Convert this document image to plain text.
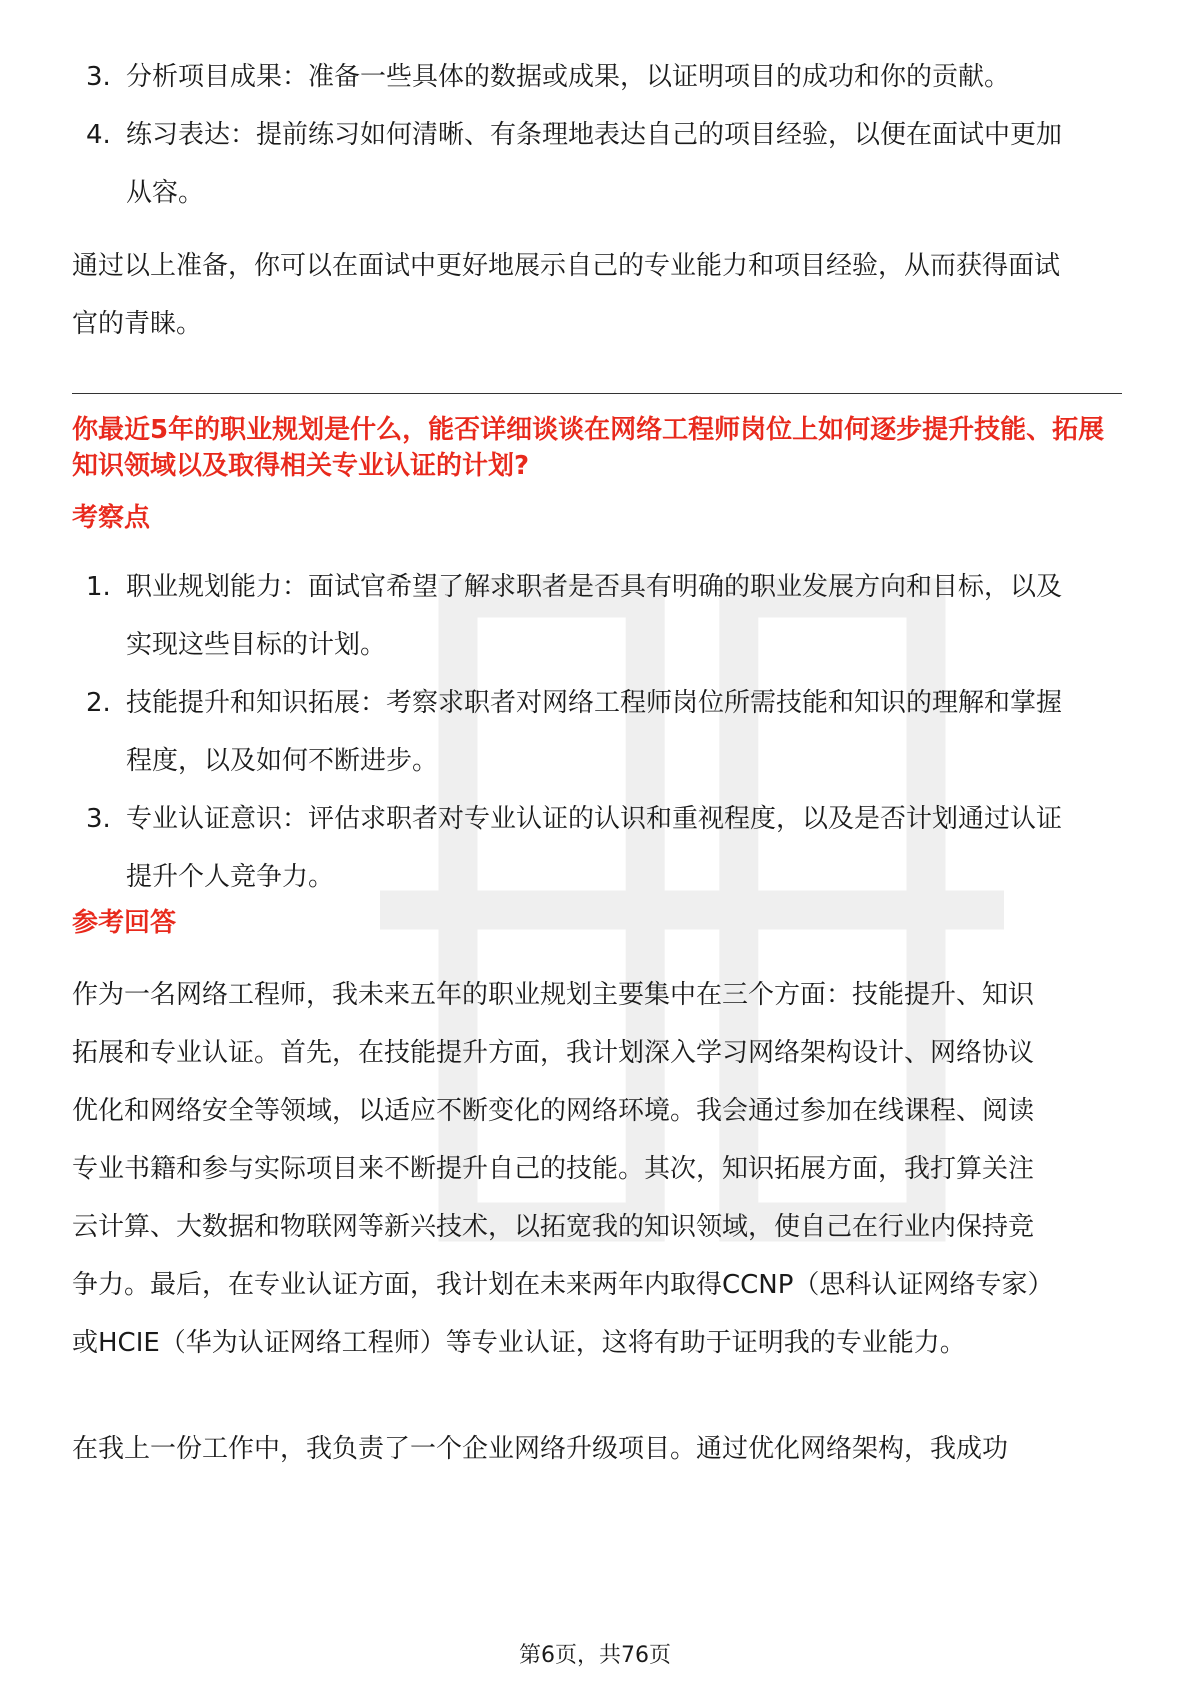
3. 分析项目成果：准备一些具体的数据或成果，以证明项目的成功和你的贡献。
4. 练习表达：提前练习如何清晰、有条理地表达自己的项目经验，以便在面试中更加从容。

通过以上准备，你可以在面试中更好地展示自己的专业能力和项目经验，从而获得面试官的青睐。

你最近5年的职业规划是什么，能否详细谈谈在网络工程师岗位上如何逐步提升技能、拓展知识领域以及取得相关专业认证的计划?

考察点

1. 职业规划能力：面试官希望了解求职者是否具有明确的职业发展方向和目标，以及实现这些目标的计划。
2. 技能提升和知识拓展：考察求职者对网络工程师岗位所需技能和知识的理解和掌握程度，以及如何不断进步。
3. 专业认证意识：评估求职者对专业认证的认识和重视程度，以及是否计划通过认证提升个人竞争力。

参考回答

作为一名网络工程师，我未来五年的职业规划主要集中在三个方面：技能提升、知识拓展和专业认证。首先，在技能提升方面，我计划深入学习网络架构设计、网络协议优化和网络安全等领域，以适应不断变化的网络环境。我会通过参加在线课程、阅读专业书籍和参与实际项目来不断提升自己的技能。其次，知识拓展方面，我打算关注云计算、大数据和物联网等新兴技术，以拓宽我的知识领域，使自己在行业内保持竞争力。最后，在专业认证方面，我计划在未来两年内取得CCNP（思科认证网络专家）或HCIE（华为认证网络工程师）等专业认证，这将有助于证明我的专业能力。

在我上一份工作中，我负责了一个企业网络升级项目。通过优化网络架构，我成功

第6页，共76页
